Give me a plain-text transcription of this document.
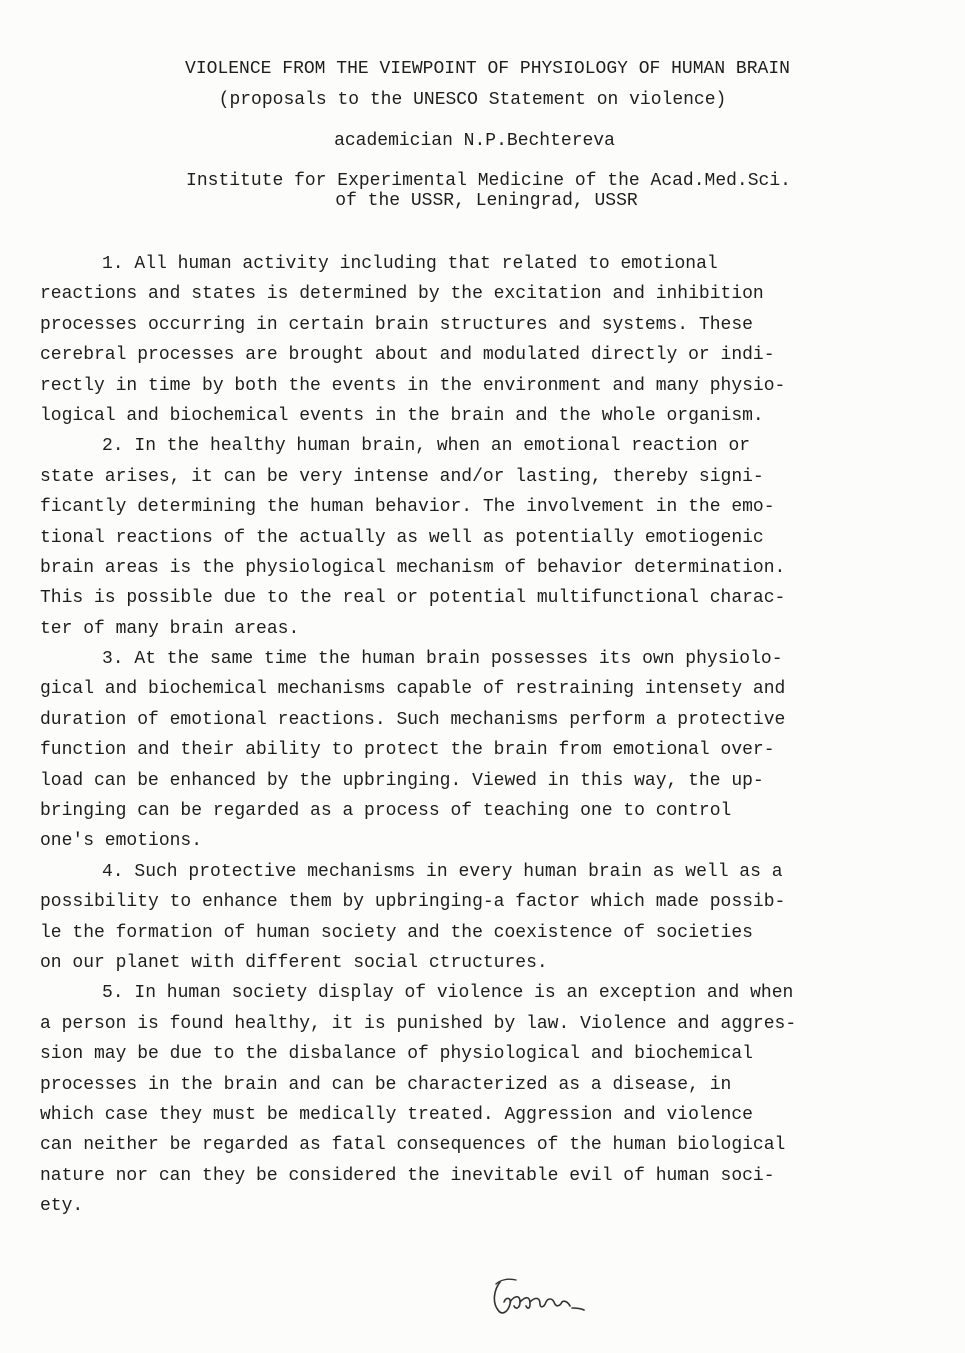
VIOLENCE FROM THE VIEWPOINT OF PHYSIOLOGY OF HUMAN BRAIN
(proposals to the UNESCO Statement on violence)
academician N.P.Bechtereva
Institute for Experimental Medicine of the Acad.Med.Sci.
of the USSR, Leningrad, USSR
1. All human activity including that related to emotional
reactions and states is determined by the excitation and inhibition
processes occurring in certain brain structures and systems. These
cerebral processes are brought about and modulated directly or indi-
rectly in time by both the events in the environment and many physio-
logical and biochemical events in the brain and the whole organism.
2. In the healthy human brain, when an emotional reaction or
state arises, it can be very intense and/or lasting, thereby signi-
ficantly determining the human behavior. The involvement in the emo-
tional reactions of the actually as well as potentially emotiogenic
brain areas is the physiological mechanism of behavior determination.
This is possible due to the real or potential multifunctional charac-
ter of many brain areas.
3. At the same time the human brain possesses its own physiolo-
gical and biochemical mechanisms capable of restraining intensety and
duration of emotional reactions. Such mechanisms perform a protective
function and their ability to protect the brain from emotional over-
load can be enhanced by the upbringing. Viewed in this way, the up-
bringing can be regarded as a process of teaching one to control
one's emotions.
4. Such protective mechanisms in every human brain as well as a
possibility to enhance them by upbringing-a factor which made possib-
le the formation of human society and the coexistence of societies
on our planet with different social ctructures.
5. In human society display of violence is an exception and when
a person is found healthy, it is punished by law. Violence and aggres-
sion may be due to the disbalance of physiological and biochemical
processes in the brain and can be characterized as a disease, in
which case they must be medically treated. Aggression and violence
can neither be regarded as fatal consequences of the human biological
nature nor can they be considered the inevitable evil of human soci-
ety.
